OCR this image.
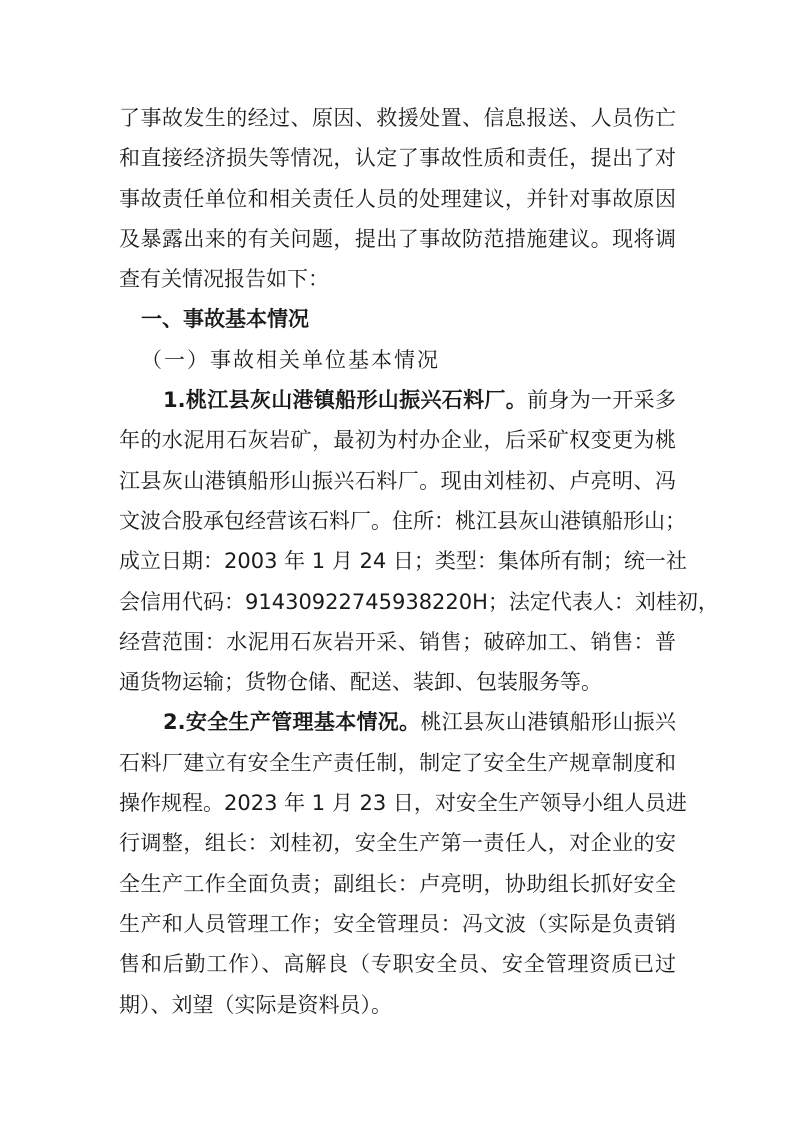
了事故发生的经过、原因、救援处置、信息报送、人员伤亡
和直接经济损失等情况，认定了事故性质和责任，提出了对
事故责任单位和相关责任人员的处理建议，并针对事故原因
及暴露出来的有关问题，提出了事故防范措施建议。现将调
查有关情况报告如下：
一、事故基本情况
（一）事故相关单位基本情况
1.桃江县灰山港镇船形山振兴石料厂。前身为一开采多
年的水泥用石灰岩矿，最初为村办企业，后采矿权变更为桃
江县灰山港镇船形山振兴石料厂。现由刘桂初、卢亮明、冯
文波合股承包经营该石料厂。住所：桃江县灰山港镇船形山；
成立日期：2003 年 1 月 24 日；类型：集体所有制；统一社
会信用代码：91430922745938220H；法定代表人：刘桂初，
经营范围：水泥用石灰岩开采、销售；破碎加工、销售：普
通货物运输；货物仓储、配送、装卸、包装服务等。
2.安全生产管理基本情况。桃江县灰山港镇船形山振兴
石料厂建立有安全生产责任制，制定了安全生产规章制度和
操作规程。2023 年 1 月 23 日，对安全生产领导小组人员进
行调整，组长：刘桂初，安全生产第一责任人，对企业的安
全生产工作全面负责；副组长：卢亮明，协助组长抓好安全
生产和人员管理工作；安全管理员：冯文波（实际是负责销
售和后勤工作）、高解良（专职安全员、安全管理资质已过
期）、刘望（实际是资料员）。
